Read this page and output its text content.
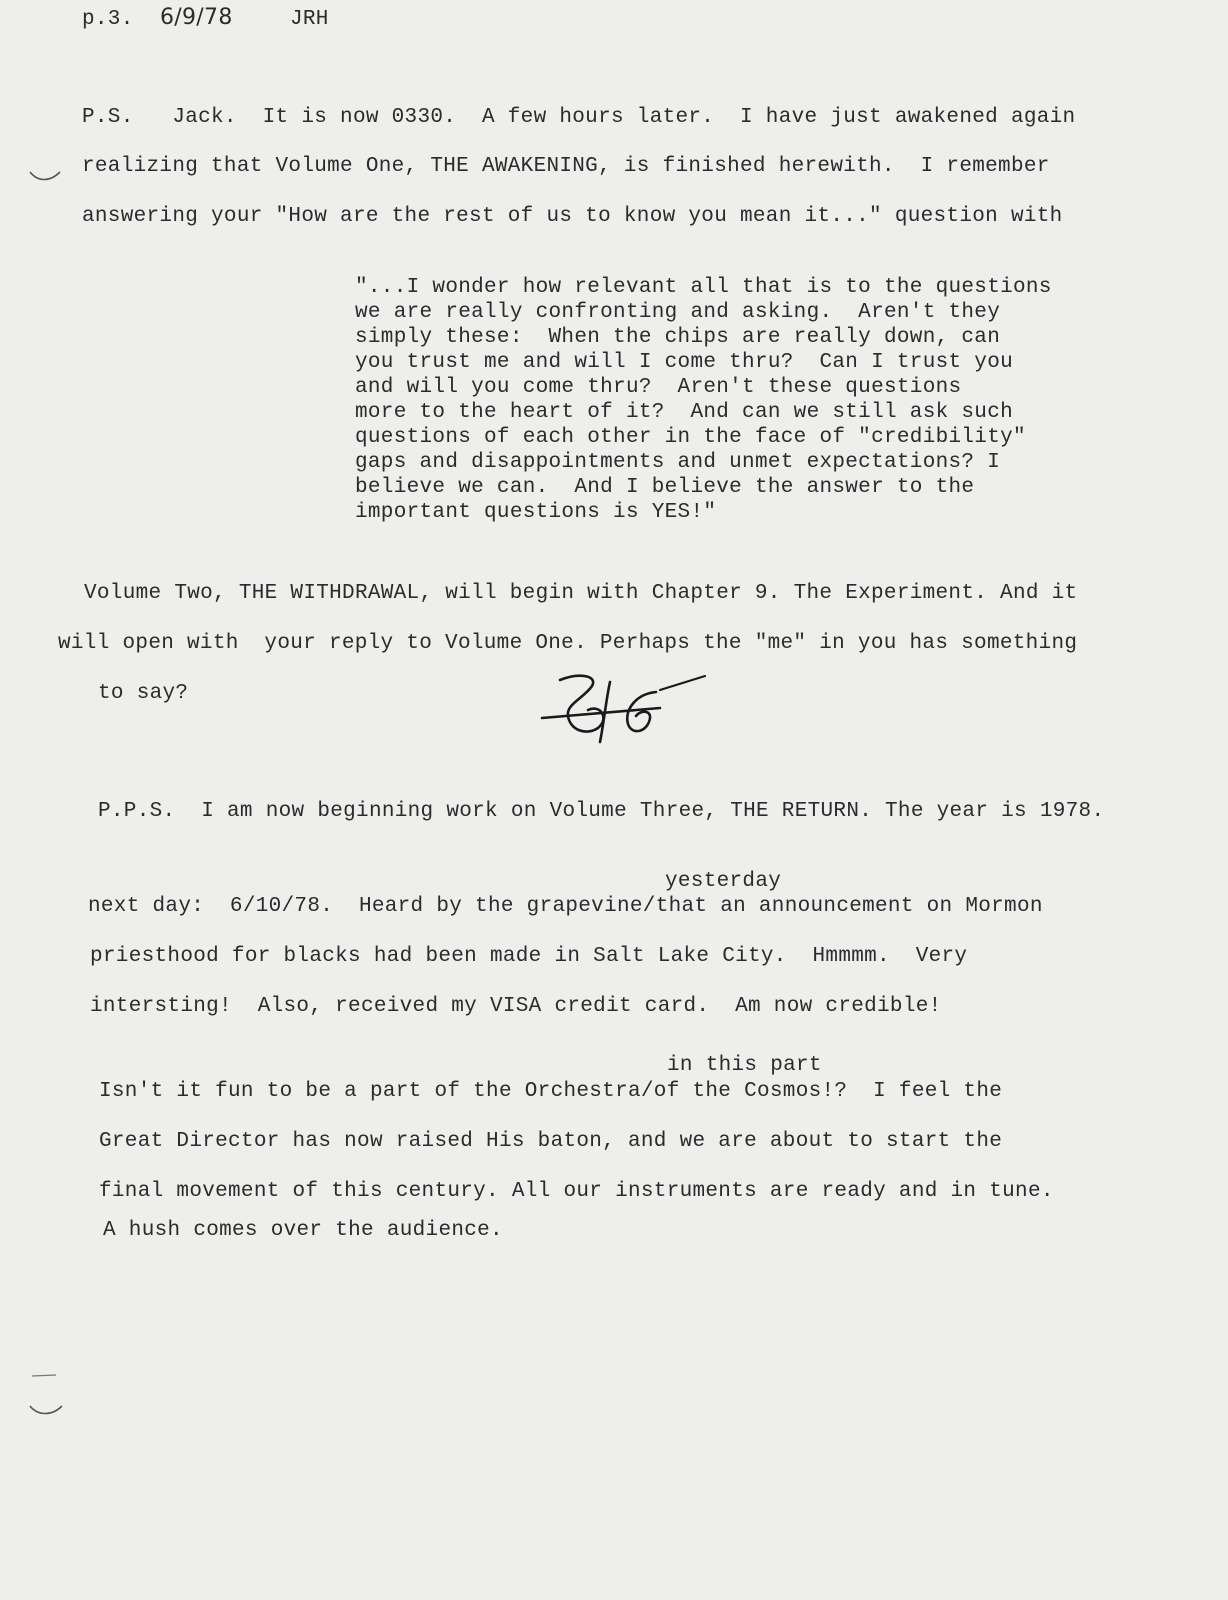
p.3. 6/9/78	JRH
P.S.   Jack.  It is now 0330.  A few hours later.  I have just awakened again
realizing that Volume One, THE AWAKENING, is finished herewith.  I remember
answering your "How are the rest of us to know you mean it..." question with
"...I wonder how relevant all that is to the questions
we are really confronting and asking.  Aren't they
simply these:  When the chips are really down, can
you trust me and will I come thru?  Can I trust you
and will you come thru?  Aren't these questions
more to the heart of it?  And can we still ask such
questions of each other in the face of "credibility"
gaps and disappointments and unmet expectations? I
believe we can.  And I believe the answer to the
important questions is YES!"
Volume Two, THE WITHDRAWAL, will begin with Chapter 9. The Experiment. And it
will open with  your reply to Volume One. Perhaps the "me" in you has something
to say?
P.P.S.  I am now beginning work on Volume Three, THE RETURN. The year is 1978.
yesterday
next day:  6/10/78.  Heard by the grapevine/that an announcement on Mormon
priesthood for blacks had been made in Salt Lake City.  Hmmmm.  Very
intersting!  Also, received my VISA credit card.  Am now credible!
in this part
Isn't it fun to be a part of the Orchestra/of the Cosmos!?  I feel the
Great Director has now raised His baton, and we are about to start the
final movement of this century. All our instruments are ready and in tune.
A hush comes over the audience.
